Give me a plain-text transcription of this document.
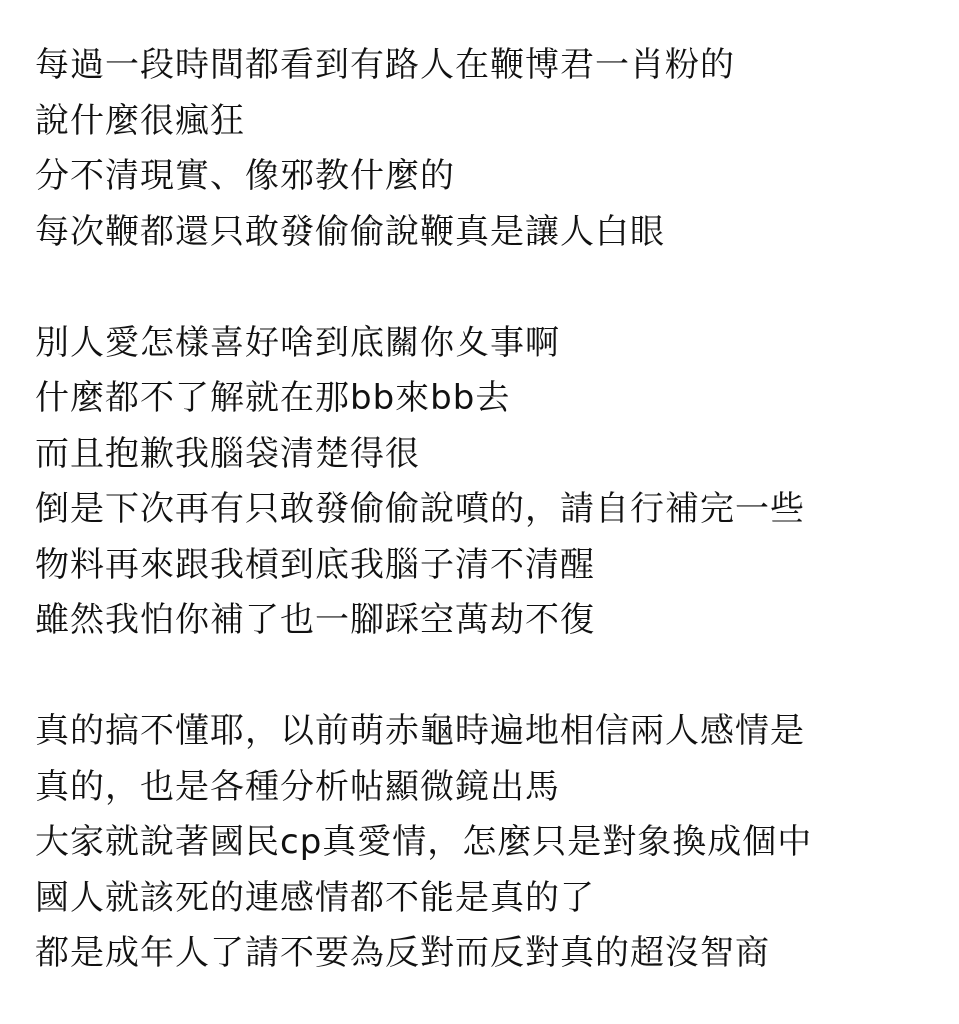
每過一段時間都看到有路人在鞭博君一肖粉的
說什麼很瘋狂
分不清現實、像邪教什麼的
每次鞭都還只敢發偷偷說鞭真是讓人白眼
別人愛怎樣喜好啥到底關你夊事啊
什麼都不了解就在那bb來bb去
而且抱歉我腦袋清楚得很
倒是下次再有只敢發偷偷說噴的，請自行補完一些
物料再來跟我槓到底我腦子清不清醒
雖然我怕你補了也一腳踩空萬劫不復
真的搞不懂耶，以前萌赤龜時遍地相信兩人感情是
真的，也是各種分析帖顯微鏡出馬
大家就說著國民cp真愛情，怎麼只是對象換成個中
國人就該死的連感情都不能是真的了
都是成年人了請不要為反對而反對真的超沒智商
